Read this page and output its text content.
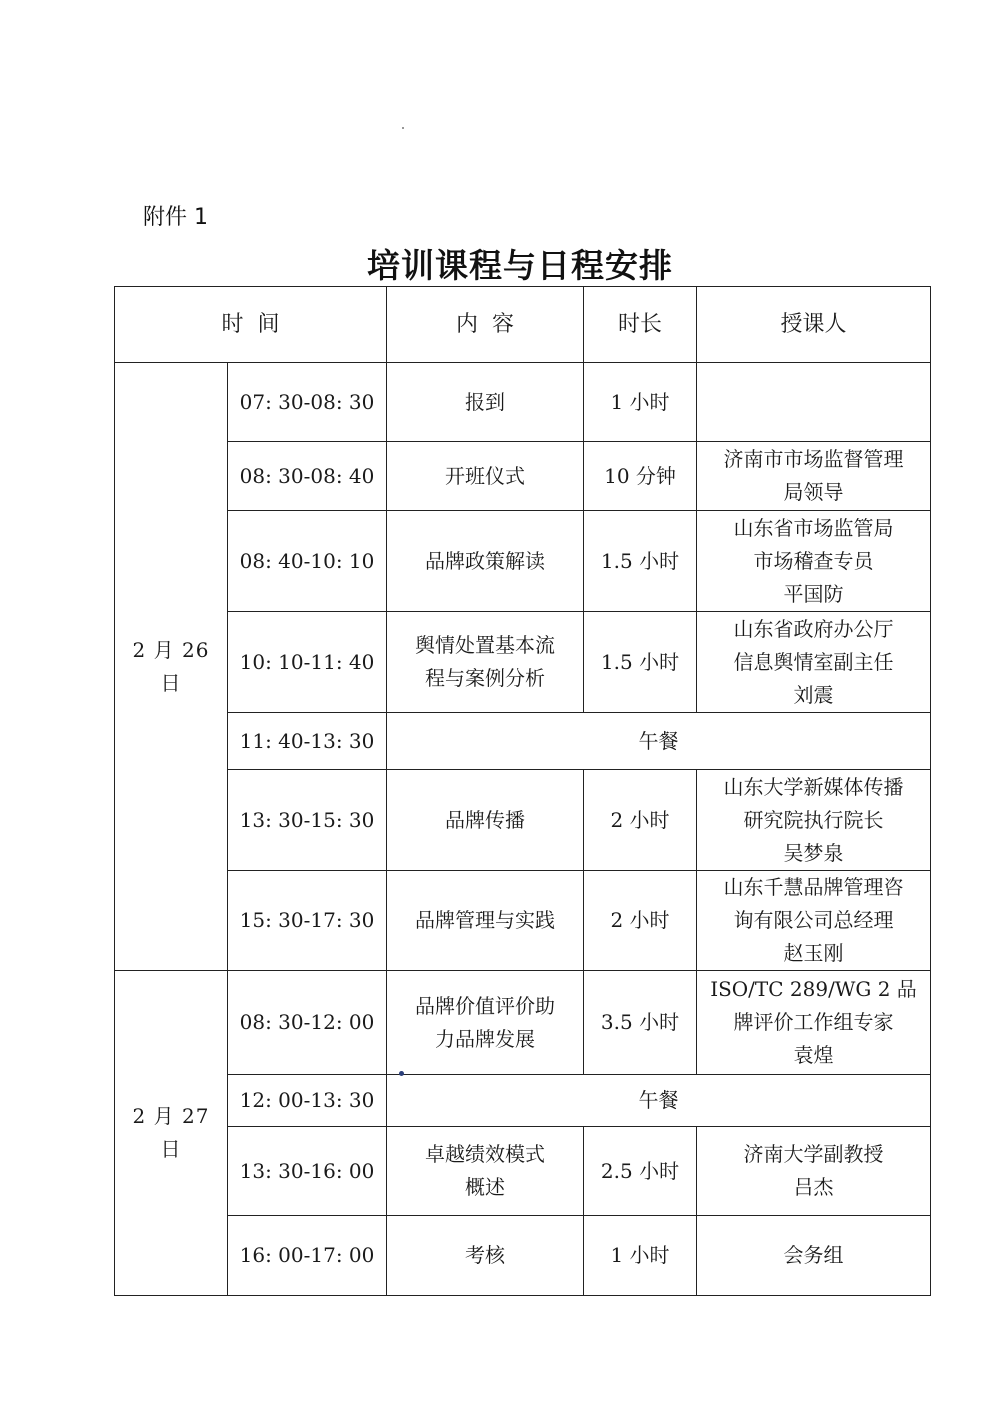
附件 1
培训课程与日程安排
时  间		内  容	时长	授课人
2 月 26 日	07: 30-08: 30	报到	1 小时	
	08: 30-08: 40	开班仪式	10 分钟	济南市市场监督管理
局领导

	08: 40-10: 10	品牌政策解读	1.5 小时	山东省市场监管局
市场稽查专员
平国防

	10: 10-11: 40	舆情处置基本流
程与案例分析	1.5 小时	山东省政府办公厅
信息舆情室副主任
刘震

	11: 40-13: 30	午餐		
	13: 30-15: 30	品牌传播	2 小时	山东大学新媒体传播
研究院执行院长
吴梦泉

	15: 30-17: 30	品牌管理与实践	2 小时	山东千慧品牌管理咨
询有限公司总经理
赵玉刚

2 月 27 日	08: 30-12: 00	品牌价值评价助
力品牌发展	3.5 小时	ISO/TC 289/WG 2 品
牌评价工作组专家
袁煌

	12: 00-13: 30	午餐		
	13: 30-16: 00	卓越绩效模式
概述	2.5 小时	济南大学副教授
吕杰

	16: 00-17: 00	考核	1 小时	会务组
